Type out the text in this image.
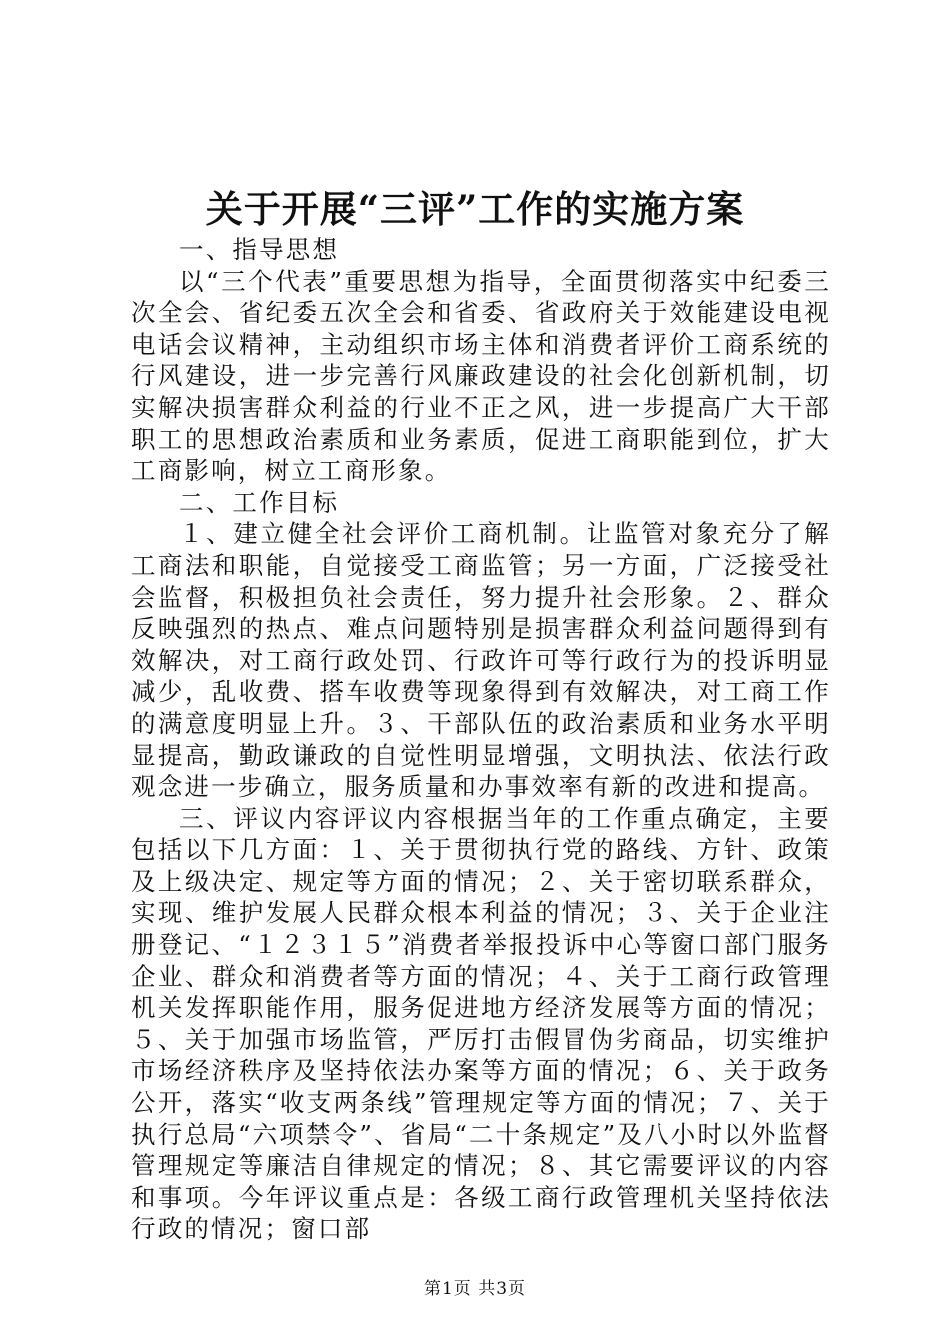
关于开展“三评”工作的实施方案

一、指导思想

以“三个代表”重要思想为指导，全面贯彻落实中纪委三次全会、省纪委五次全会和省委、省政府关于效能建设电视电话会议精神，主动组织市场主体和消费者评价工商系统的行风建设，进一步完善行风廉政建设的社会化创新机制，切实解决损害群众利益的行业不正之风，进一步提高广大干部职工的思想政治素质和业务素质，促进工商职能到位，扩大工商影响，树立工商形象。

二、工作目标

１、建立健全社会评价工商机制。让监管对象充分了解工商法和职能，自觉接受工商监管；另一方面，广泛接受社会监督，积极担负社会责任，努力提升社会形象。２、群众反映强烈的热点、难点问题特别是损害群众利益问题得到有效解决，对工商行政处罚、行政许可等行政行为的投诉明显减少，乱收费、搭车收费等现象得到有效解决，对工商工作的满意度明显上升。３、干部队伍的政治素质和业务水平明显提高，勤政谦政的自觉性明显增强，文明执法、依法行政观念进一步确立，服务质量和办事效率有新的改进和提高。

三、评议内容评议内容根据当年的工作重点确定，主要包括以下几方面：１、关于贯彻执行党的路线、方针、政策及上级决定、规定等方面的情况；２、关于密切联系群众，实现、维护发展人民群众根本利益的情况；３、关于企业注册登记、“１２３１５”消费者举报投诉中心等窗口部门服务企业、群众和消费者等方面的情况；４、关于工商行政管理机关发挥职能作用，服务促进地方经济发展等方面的情况；５、关于加强市场监管，严厉打击假冒伪劣商品，切实维护市场经济秩序及坚持依法办案等方面的情况；６、关于政务公开，落实“收支两条线”管理规定等方面的情况；７、关于执行总局“六项禁令”、省局“二十条规定”及八小时以外监督管理规定等廉洁自律规定的情况；８、其它需要评议的内容和事项。今年评议重点是：各级工商行政管理机关坚持依法行政的情况；窗口部

第1页 共3页
